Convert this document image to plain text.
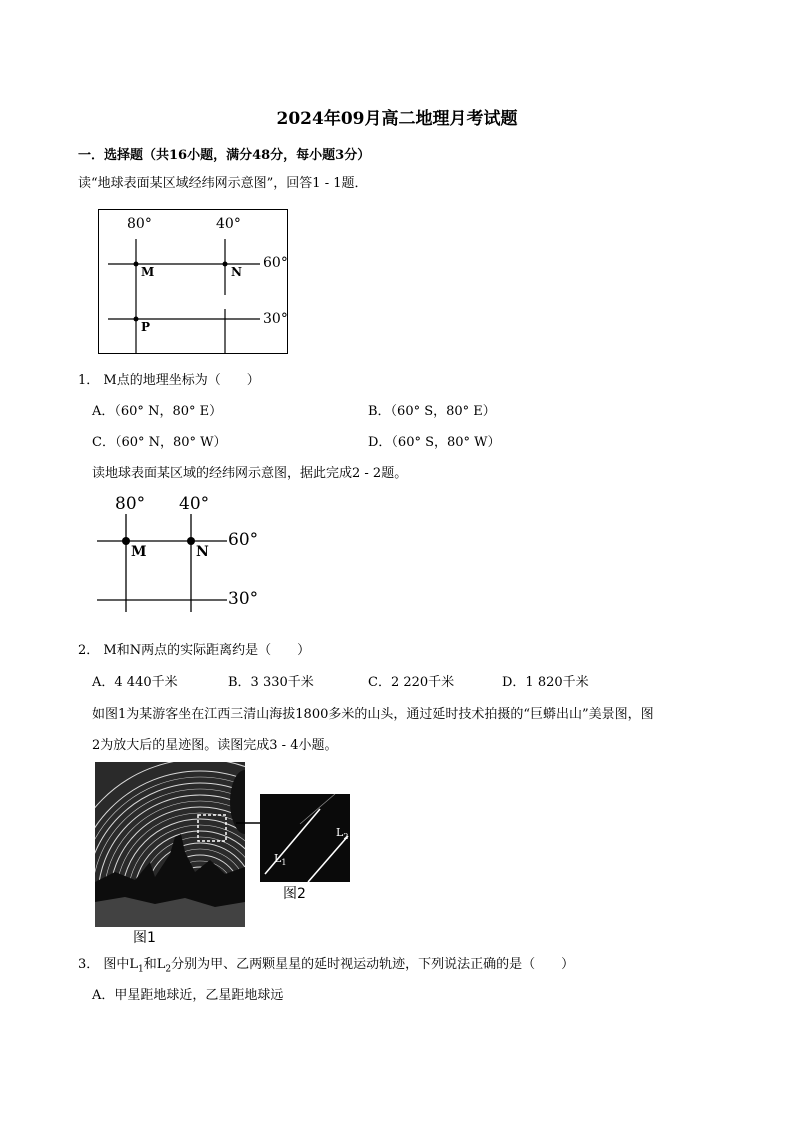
2024年09月高二地理月考试题
一．选择题（共16小题，满分48分，每小题3分）
读“地球表面某区域经纬网示意图”，回答1 - 1题．
80°	40°
60°
30°
M	N
P
1． M点的地理坐标为（　　）
A．（60° N，80° E）	B．（60° S，80° E）
C．（60° N，80° W）	D．（60° S，80° W）
读地球表面某区域的经纬网示意图，据此完成2 - 2题。
80° 40°
60°
30°
M	N
2． M和N两点的实际距离约是（　　）
A．4 440千米	B．3 330千米	C．2 220千米	D．1 820千米
如图1为某游客坐在江西三清山海拔1800多米的山头，通过延时技术拍摄的“巨蟒出山”美景图，图
2为放大后的星迹图。读图完成3 - 4小题。
$L_1$
$L_2$
图1
图2
3． 图中$L_1$和$L_2$分别为甲、乙两颗星星的延时视运动轨迹，下列说法正确的是（　　）
A．甲星距地球近，乙星距地球远
